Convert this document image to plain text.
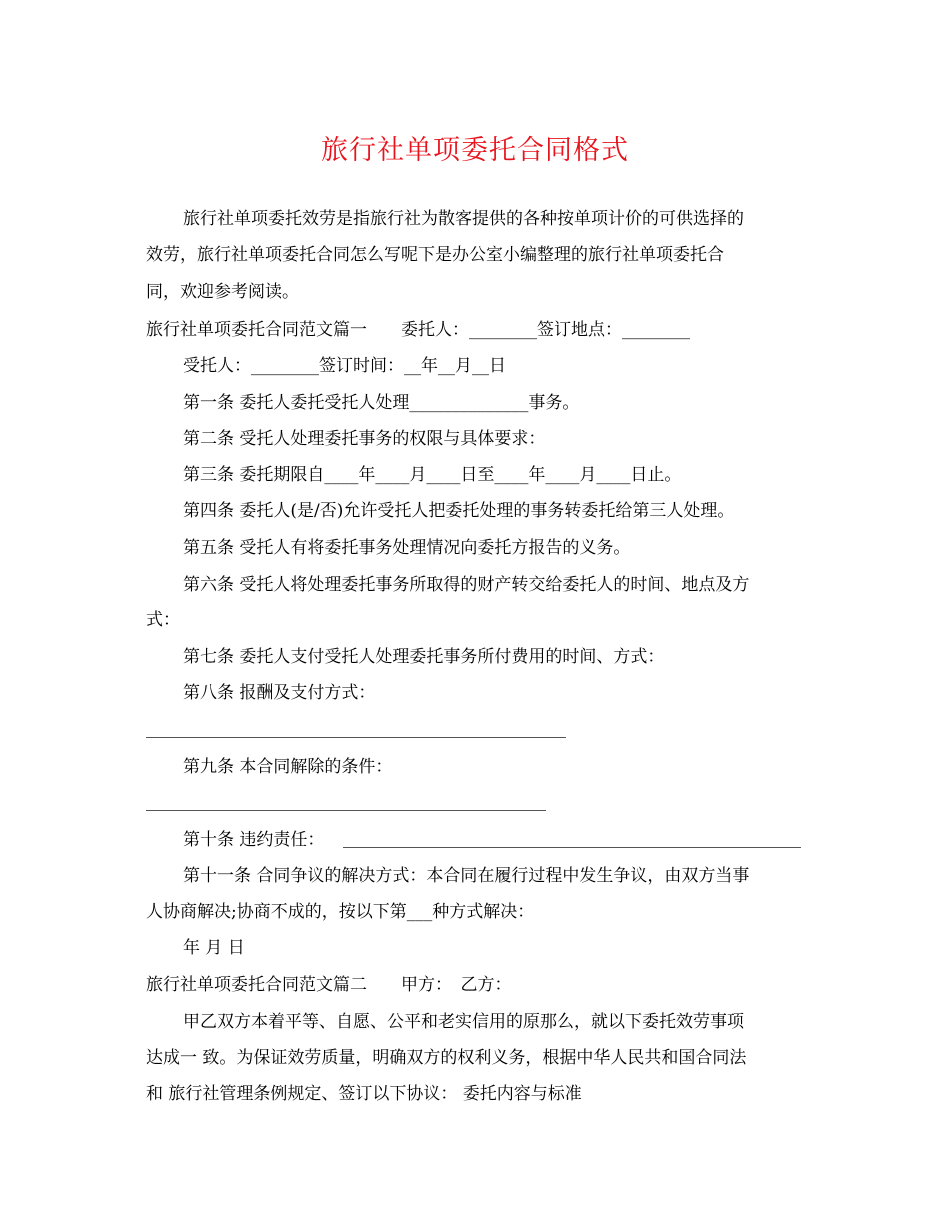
旅行社单项委托合同格式
旅行社单项委托效劳是指旅行社为散客提供的各种按单项计价的可供选择的
效劳，旅行社单项委托合同怎么写呢下是办公室小编整理的旅行社单项委托合
同，欢迎参考阅读。
旅行社单项委托合同范文篇一　　委托人：________签订地点：________
受托人：________签订时间：__年__月__日
第一条 委托人委托受托人处理______________事务。
第二条 受托人处理委托事务的权限与具体要求：
第三条 委托期限自____年____月____日至____年____月____日止。
第四条 委托人(是/否)允许受托人把委托处理的事务转委托给第三人处理。
第五条 受托人有将委托事务处理情况向委托方报告的义务。
第六条 受托人将处理委托事务所取得的财产转交给委托人的时间、地点及方
式：
第七条 委托人支付受托人处理委托事务所付费用的时间、方式：
第八条 报酬及支付方式：
第九条 本合同解除的条件：
第十条 违约责任：
第十一条 合同争议的解决方式：本合同在履行过程中发生争议，由双方当事
人协商解决;协商不成的，按以下第___种方式解决：
年 月 日
旅行社单项委托合同范文篇二　　甲方：　乙方：
甲乙双方本着平等、自愿、公平和老实信用的原那么，就以下委托效劳事项
达成一 致。为保证效劳质量，明确双方的权利义务，根据中华人民共和国合同法
和 旅行社管理条例规定、签订以下协议： 委托内容与标准
